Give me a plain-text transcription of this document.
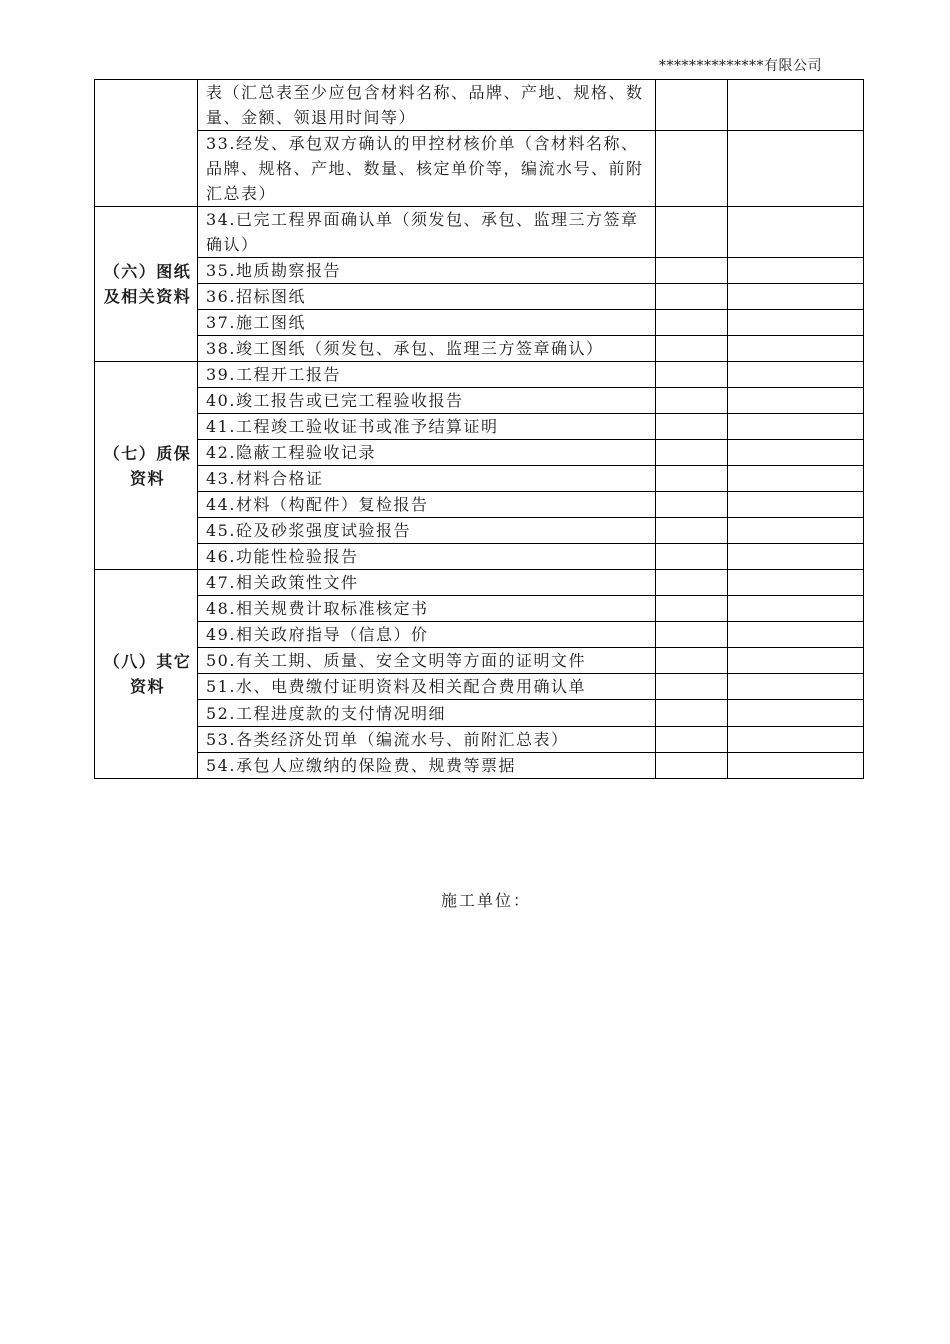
**************有限公司
	表（汇总表至少应包含材料名称、品牌、产地、规格、数量、金额、领退用时间等）		
	33.经发、承包双方确认的甲控材核价单（含材料名称、品牌、规格、产地、数量、核定单价等，编流水号、前附汇总表）		
（六）图纸及相关资料	34.已完工程界面确认单（须发包、承包、监理三方签章确认）		
	35.地质勘察报告		
	36.招标图纸		
	37.施工图纸		
	38.竣工图纸（须发包、承包、监理三方签章确认）		
（七）质保资料	39.工程开工报告		
	40.竣工报告或已完工程验收报告		
	41.工程竣工验收证书或准予结算证明		
	42.隐蔽工程验收记录		
	43.材料合格证		
	44.材料（构配件）复检报告		
	45.砼及砂浆强度试验报告		
	46.功能性检验报告		
（八）其它资料	47.相关政策性文件		
	48.相关规费计取标准核定书		
	49.相关政府指导（信息）价		
	50.有关工期、质量、安全文明等方面的证明文件		
	51.水、电费缴付证明资料及相关配合费用确认单		
	52.工程进度款的支付情况明细		
	53.各类经济处罚单（编流水号、前附汇总表）		
	54.承包人应缴纳的保险费、规费等票据		
施工单位：
